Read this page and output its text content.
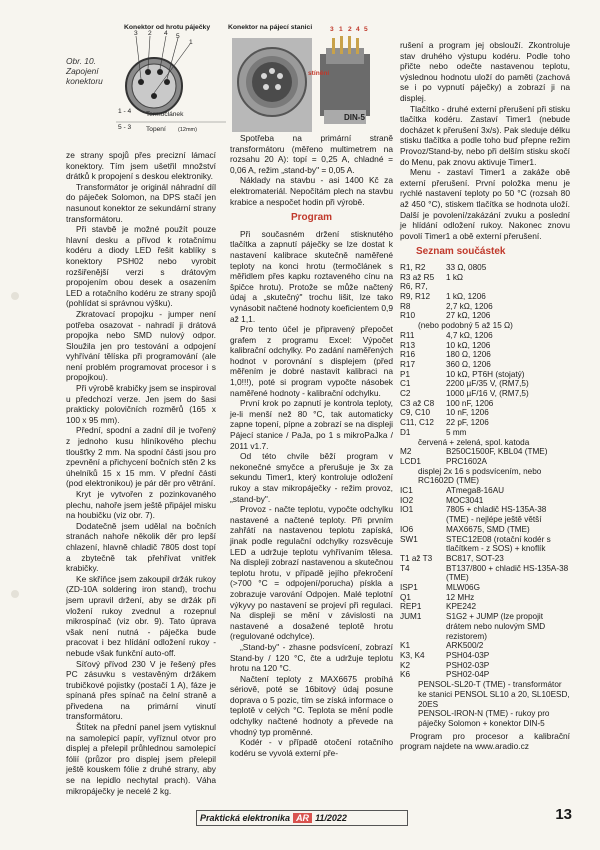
Obr. 10. Zapojení konektoru
Konektor od hrotu páječky
3 2 4 5
1
1 - 4 Termočlánek
5 - 3 Topení (12mm)
Konektor na pájecí stanici	3 1 2 4 5
stínění
DIN-5

ze strany spojů přes precizní lámací konektory. Tím jsem ušetřil množství drátků k propojení s deskou elektroniky.

Transformátor je originál náhradní díl do páječek Solomon, na DPS stačí jen nasunout konektor ze sekundární strany transformátoru.

Při stavbě je možné použít pouze hlavní desku a přívod k rotačnímu kodéru a diody LED řešit kablíky s konektory PSH02 nebo vyrobit rozšiřenější verzi s drátovým propojením obou desek a osazením LED a rotačního kodéru ze strany spojů (pohlídat si správnou výšku).

Zkratovací propojku - jumper není potřeba osazovat - nahradí ji drátová propojka nebo SMD nulový odpor. Sloužila jen pro testování a odpojení vyhřívání tělíska při programování (ale není problém programovat procesor i s propojkou).

Při výrobě krabičky jsem se inspiroval u předchozí verze. Jen jsem do šasi prakticky polovičních rozměrů (165 x 100 x 95 mm).

Přední, spodní a zadní díl je tvořený z jednoho kusu hliníkového plechu tloušťky 2 mm. Na spodní části jsou pro zpevnění a přichycení bočních stěn 2 ks úhelníků 15 x 15 mm. V přední části (pod elektronikou) je pár děr pro větrání.

Kryt je vytvořen z pozinkovaného plechu, nahoře jsem ještě připájel misku na houbičku (viz obr. 7).

Dodatečně jsem udělal na bočních stranách nahoře několik děr pro lepší chlazení, hlavně chladič 7805 dost topí a zbytečně tak přehřívat vnitřek krabičky.

Ke skříňce jsem zakoupil držák rukoy (ZD-10A soldering iron stand), trochu jsem upravil držení, aby se držák při vložení rukoy zvednul a rozepnul mikrospínač (viz obr. 9). Tato úprava však není nutná - páječka bude pracovat i bez hlídání odložení rukoy - nebude však funkční auto-off.

Síťový přívod 230 V je řešený přes PC zásuvku s vestavěným držákem trubičkové pojistky (postačí 1 A), fáze je spínaná přes spínač na čelní straně a přivedena na primární vinutí transformátoru.

Štítek na přední panel jsem vytisknul na samolepicí papír, vyříznul otvor pro displej a přelepil průhlednou samolepicí fólií (průzor pro displej jsem přelepil ještě kouskem fólie z druhé strany, aby se na lepidlo nechytal prach). Váha mikropáječky je necelé 2 kg.

Spotřeba na primární straně transformátoru (měřeno multimetrem na rozsahu 20 A): topí = 0,25 A, chladné = 0,06 A, režim „stand-by" = 0,05 A.

Náklady na stavbu - asi 1400 Kč za elektromateriál. Nepočítám plech na stavbu krabice a nespočet hodin při výrobě.

Program

Při současném držení stisknutého tlačítka a zapnutí páječky se lze dostat k nastavení kalibrace skutečně naměřené teploty na konci hrotu (termočlánek s měřidlem přes kapku roztaveného cínu na špičce hrotu). Protože se může načtený údaj a „skutečný" trochu lišit, lze tako vynásobit načtené hodnoty koeficientem 0,9 až 1,1.

Pro tento účel je připravený přepočet grafem z programu Excel: Výpočet kalibrační odchylky. Po zadání naměřených hodnot v porovnání s displejem (před měřením je dobré nastavit kalibraci na 1,0!!!), poté si program vypočte násobek naměřené hodnoty - kalibrační odchylku.

První krok po zapnutí je kontrola teploty, je-li menší než 80 °C, tak automaticky zapne topení, pípne a zobrazí se na displeji Pájecí stanice / PaJa, po 1 s mikroPaJka / 2011 v1.7.

Od této chvíle běží program v nekonečné smyčce a přerušuje je 3x za sekundu Timer1, který kontroluje odložení rukoy a stav mikropáječky - režim provoz, „stand-by".

Provoz - načte teplotu, vypočte odchylku nastavené a načtené teploty. Při prvním zahřátí na nastavenou teplotu zapíská, jinak podle regulační odchylky rozsvěcuje LED a udržuje teplotu vyhřívaním tělesa. Na displeji zobrazí nastavenou a skutečnou teplotu hrotu, v případě jejího překročení (>700 °C = odpojení/porucha) pískla a zobrazuje varování Odpojen. Malé teplotní výkyvy po nastavení se projeví při regulaci. Na displeji se mění v závislosti na nastavené a dosažené teplotě hrotu (regulované odchylce).

„Stand-by" - zhasne podsvícení, zobrazí Stand-by / 120 °C, čte a udržuje teplotu hrotu na 120 °C.

Načtení teploty z MAX6675 probíhá sériově, poté se 16bitový údaj posune doprava o 5 pozic, tím se získá informace o teplotě v celých °C. Teplota se mění podle odchylky načtené hodnoty a převede na vhodný typ proměnné.

Kodér - v případě otočení rotačního kodéru se vyvolá externí pře-

rušení a program jej obslouží. Zkontroluje stav druhého výstupu kodéru. Podle toho přičte nebo odečte nastavenou teplotu, výslednou hodnotu uloží do paměti (zachová se i po vypnutí páječky) a zobrazí ji na displej.

Tlačítko - druhé externí přerušení při stisku tlačítka kodéru. Zastaví Timer1 (nebude docházet k přerušení 3x/s). Pak sleduje délku stisku tlačítka a podle toho buď přepne režim Provoz/Stand-by, nebo při delším stisku skočí do Menu, pak znovu aktivuje Timer1.

Menu - zastaví Timer1 a zakáže obě externí přerušení. První položka menu je rychlé nastavení teploty po 50 °C (rozsah 80 až 450 °C), stiskem tlačítka se hodnota uloží. Další je povolení/zakázání zvuku a poslední je hlídání odložení rukoy. Nakonec znovu povolí Timer1 a obě externí přerušení.

Seznam součástek
R1, R2	33 Ω, 0805
R3 až R5	1 kΩ
R6, R7,	
R9, R12	1 kΩ, 1206
R8	2,7 kΩ, 1206
R10	27 kΩ, 1206
(nebo podobný 5 až 15 Ω)	
R11	4,7 kΩ, 1206
R13	10 kΩ, 1206
R16	180 Ω, 1206
R17	360 Ω, 1206
P1	10 kΩ, PT6H (stojatý)
C1	2200 µF/35 V, (RM7,5)
C2	1000 µF/16 V, (RM7,5)
C3 až C8	100 nF, 1206
C9, C10	10 nF, 1206
C11, C12	22 pF, 1206
D1	5 mm
červená + zelená, spol. katoda	
M2	B250C1500F, KBL04 (TME)
LCD1	PRC1602A
displej 2x 16 s podsvícením, nebo RC1602D (TME)	
IC1	ATmega8-16AU
IO2	MOC3041
IO1	7805 + chladič HS-135A-38 (TME) - nejlépe ještě větší
IO6	MAX6675, SMD (TME)
SW1	STEC12E08 (rotační kodér s tlačítkem - z SOS) + knoflík
T1 až T3	BC817, SOT-23
T4	BT137/800 + chladič HS-135A-38 (TME)
ISP1	MLW06G
Q1	12 MHz
REP1	KPE242
JUM1	S1G2 + JUMP (lze propojit drátem nebo nulovým SMD rezistorem)
K1	ARK500/2
K3, K4	PSH04-03P
K2	PSH02-03P
K6	PSH02-04P
PENSOL-SL20-T (TME) - transformátor ke stanici PENSOL SL10 a 20, SL10ESD, 20ES	
PENSOL-IRON-N (TME) - rukoy pro páječky Solomon + konektor DIN-5	

Program pro procesor a kalibrační program najdete na www.aradio.cz

Praktická elektronika AR 11/2022	13
